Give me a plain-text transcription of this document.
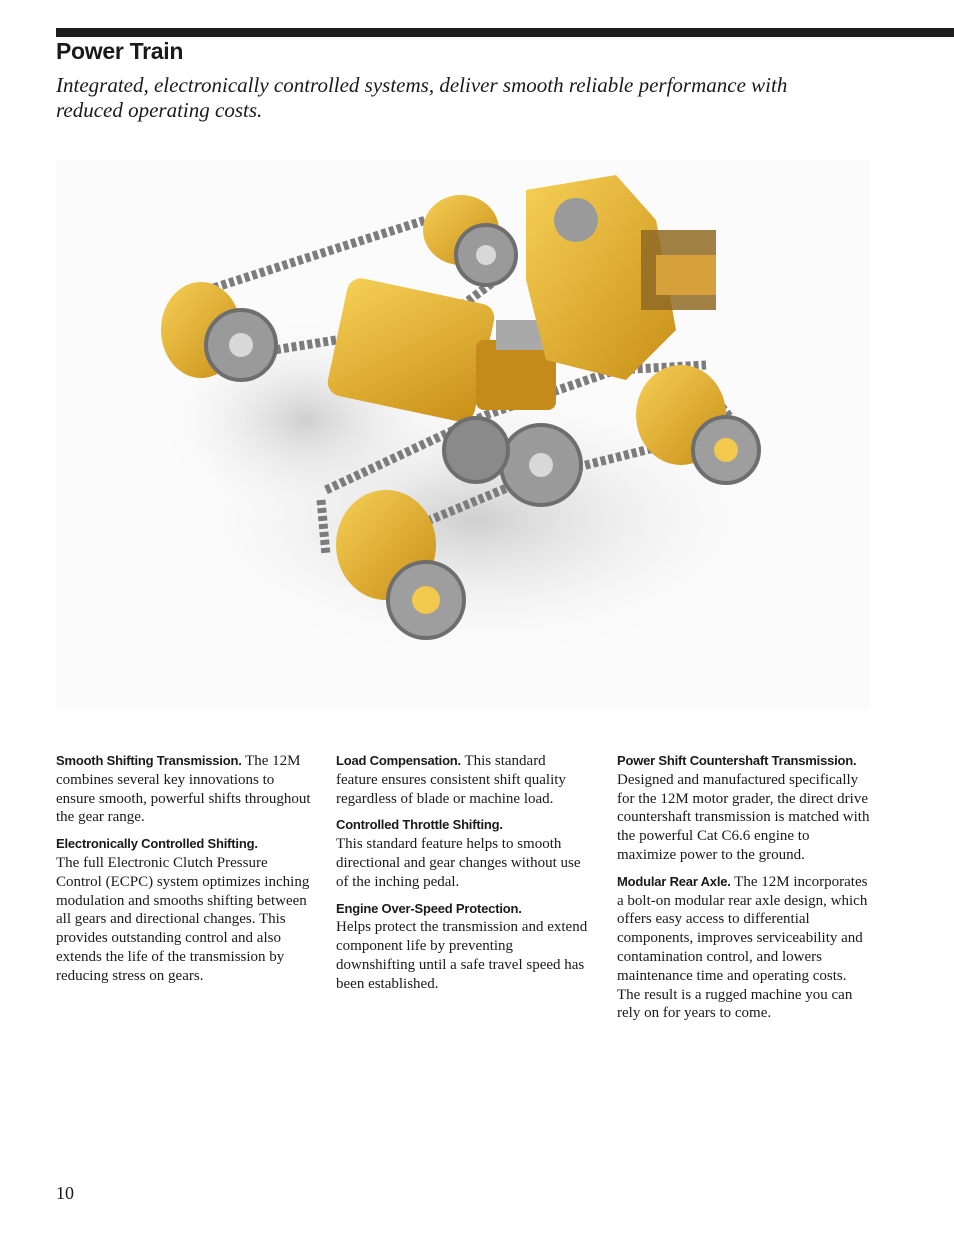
Power Train

Integrated, electronically controlled systems, deliver smooth reliable performance with reduced operating costs.

Smooth Shifting Transmission. The 12M combines several key innovations to ensure smooth, powerful shifts throughout the gear range.

Electronically Controlled Shifting.
The full Electronic Clutch Pressure Control (ECPC) system optimizes inching modulation and smooths shifting between all gears and directional changes. This provides outstanding control and also extends the life of the transmission by reducing stress on gears.

Load Compensation. This standard feature ensures consistent shift quality regardless of blade or machine load.

Controlled Throttle Shifting.
This standard feature helps to smooth directional and gear changes without use of the inching pedal.

Engine Over-Speed Protection.
Helps protect the transmission and extend component life by preventing downshifting until a safe travel speed has been established.

Power Shift Countershaft Transmission.
Designed and manufactured specifically for the 12M motor grader, the direct drive countershaft transmission is matched with the powerful Cat C6.6 engine to maximize power to the ground.

Modular Rear Axle. The 12M incorporates a bolt-on modular rear axle design, which offers easy access to differential components, improves serviceability and contamination control, and lowers maintenance time and operating costs. The result is a rugged machine you can rely on for years to come.

10
